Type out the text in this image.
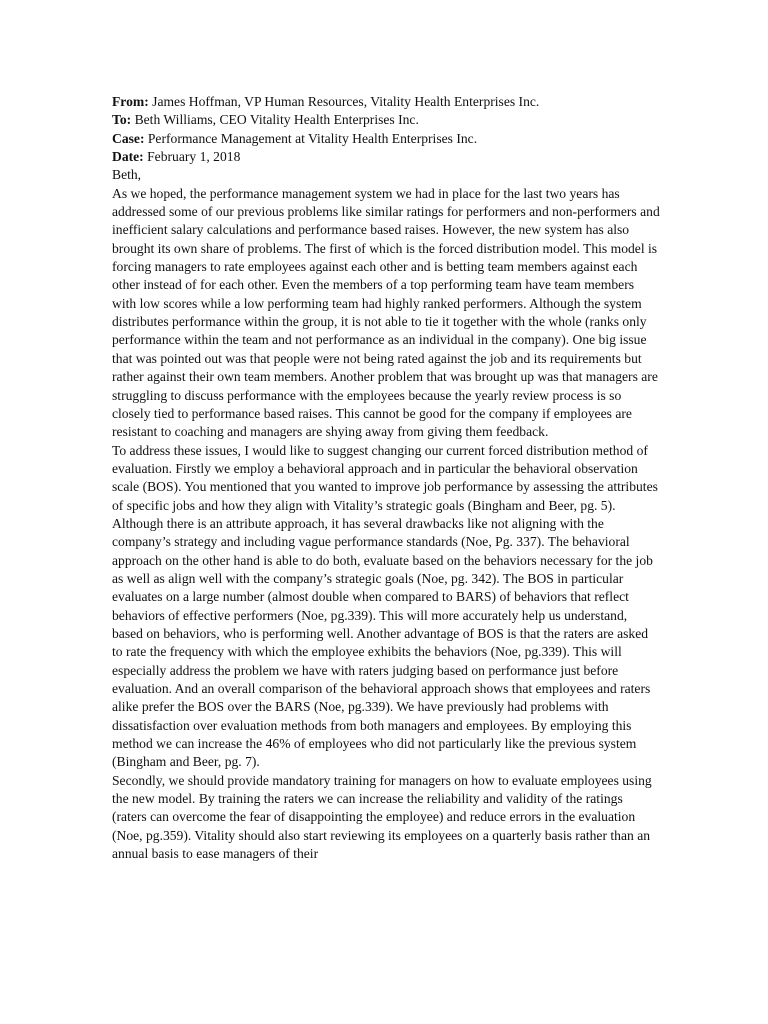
From: James Hoffman, VP Human Resources, Vitality Health Enterprises Inc.

To: Beth Williams, CEO Vitality Health Enterprises Inc.

Case: Performance Management at Vitality Health Enterprises Inc.

Date: February 1, 2018

Beth,

As we hoped, the performance management system we had in place for the last two years has addressed some of our previous problems like similar ratings for performers and non-performers and inefficient salary calculations and performance based raises. However, the new system has also brought its own share of problems. The first of which is the forced distribution model. This model is forcing managers to rate employees against each other and is betting team members against each other instead of for each other. Even the members of a top performing team have team members with low scores while a low performing team had highly ranked performers. Although the system distributes performance within the group, it is not able to tie it together with the whole (ranks only performance within the team and not performance as an individual in the company). One big issue that was pointed out was that people were not being rated against the job and its requirements but rather against their own team members. Another problem that was brought up was that managers are struggling to discuss performance with the employees because the yearly review process is so closely tied to performance based raises. This cannot be good for the company if employees are resistant to coaching and managers are shying away from giving them feedback.

To address these issues, I would like to suggest changing our current forced distribution method of evaluation. Firstly we employ a behavioral approach and in particular the behavioral observation scale (BOS). You mentioned that you wanted to improve job performance by assessing the attributes of specific jobs and how they align with Vitality’s strategic goals (Bingham and Beer, pg. 5). Although there is an attribute approach, it has several drawbacks like not aligning with the company’s strategy and including vague performance standards (Noe, Pg. 337). The behavioral approach on the other hand is able to do both, evaluate based on the behaviors necessary for the job as well as align well with the company’s strategic goals (Noe, pg. 342). The BOS in particular evaluates on a large number (almost double when compared to BARS) of behaviors that reflect behaviors of effective performers (Noe, pg.339). This will more accurately help us understand, based on behaviors, who is performing well. Another advantage of BOS is that the raters are asked to rate the frequency with which the employee exhibits the behaviors (Noe, pg.339). This will especially address the problem we have with raters judging based on performance just before evaluation. And an overall comparison of the behavioral approach shows that employees and raters alike prefer the BOS over the BARS (Noe, pg.339). We have previously had problems with dissatisfaction over evaluation methods from both managers and employees. By employing this method we can increase the 46% of employees who did not particularly like the previous system (Bingham and Beer, pg. 7).

Secondly, we should provide mandatory training for managers on how to evaluate employees using the new model. By training the raters we can increase the reliability and validity of the ratings (raters can overcome the fear of disappointing the employee) and reduce errors in the evaluation (Noe, pg.359). Vitality should also start reviewing its employees on a quarterly basis rather than an annual basis to ease managers of their
